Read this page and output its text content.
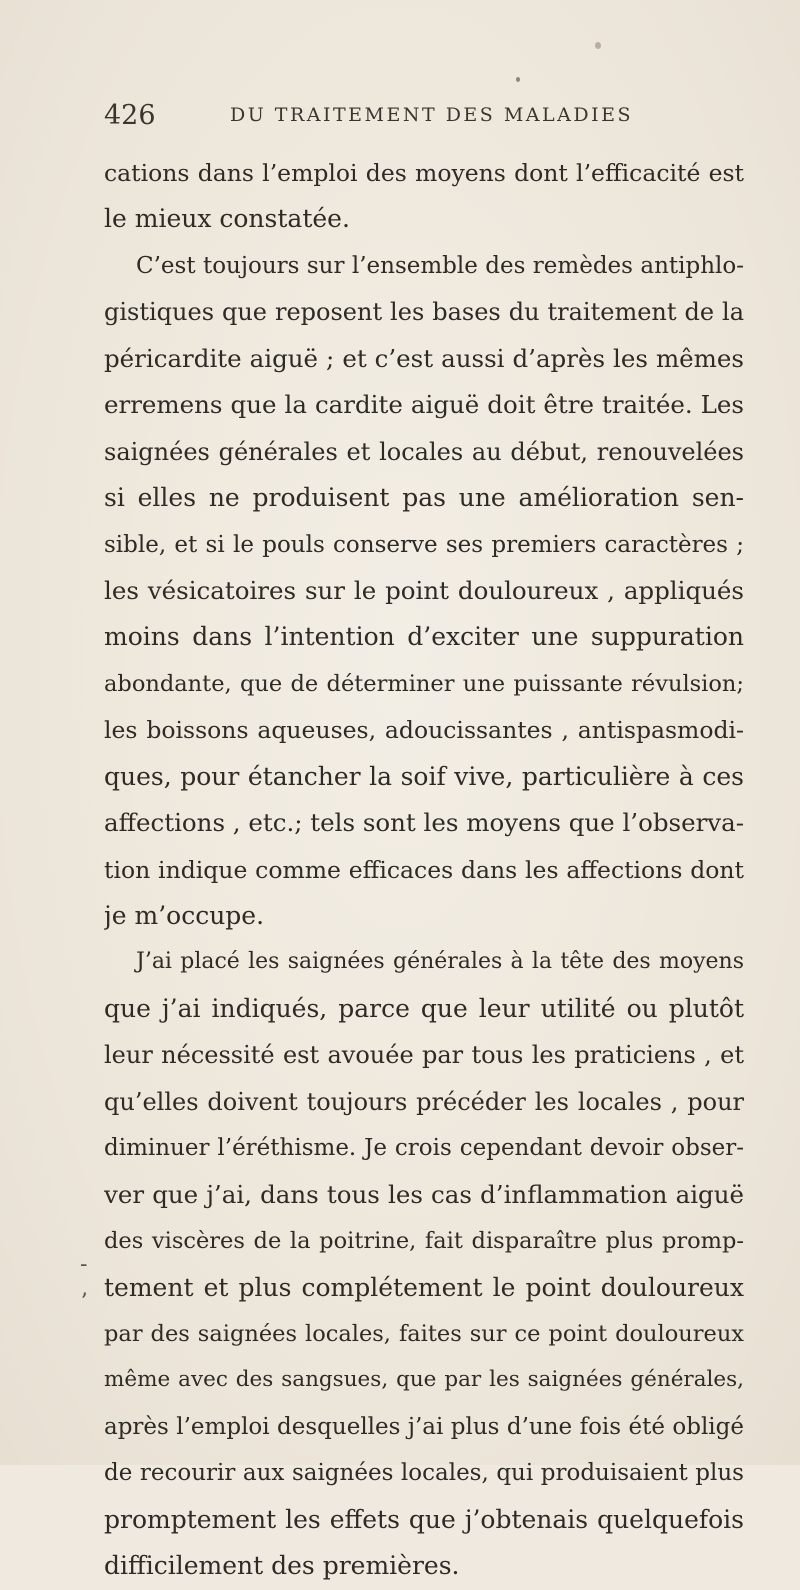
426	DU TRAITEMENT DES MALADIES
cations dans l’emploi des moyens dont l’efficacité est
le mieux constatée.
C’est toujours sur l’ensemble des remèdes antiphlo-
gistiques que reposent les bases du traitement de la
péricardite aiguë ; et c’est aussi d’après les mêmes
erremens que la cardite aiguë doit être traitée. Les
saignées générales et locales au début, renouvelées
si elles ne produisent pas une amélioration sen-
sible, et si le pouls conserve ses premiers caractères ;
les vésicatoires sur le point douloureux , appliqués
moins dans l’intention d’exciter une suppuration
abondante, que de déterminer une puissante révulsion;
les boissons aqueuses, adoucissantes , antispasmodi-
ques, pour étancher la soif vive, particulière à ces
affections , etc.; tels sont les moyens que l’observa-
tion indique comme efficaces dans les affections dont
je m’occupe.
J’ai placé les saignées générales à la tête des moyens
que j’ai indiqués, parce que leur utilité ou plutôt
leur nécessité est avouée par tous les praticiens , et
qu’elles doivent toujours précéder les locales , pour
diminuer l’éréthisme. Je crois cependant devoir obser-
ver que j’ai, dans tous les cas d’inflammation aiguë
des viscères de la poitrine, fait disparaître plus promp-
tement et plus complétement le point douloureux
par des saignées locales, faites sur ce point douloureux
même avec des sangsues, que par les saignées générales,
après l’emploi desquelles j’ai plus d’une fois été obligé
de recourir aux saignées locales, qui produisaient plus
promptement les effets que j’obtenais quelquefois
difficilement des premières.
-
ʼ
